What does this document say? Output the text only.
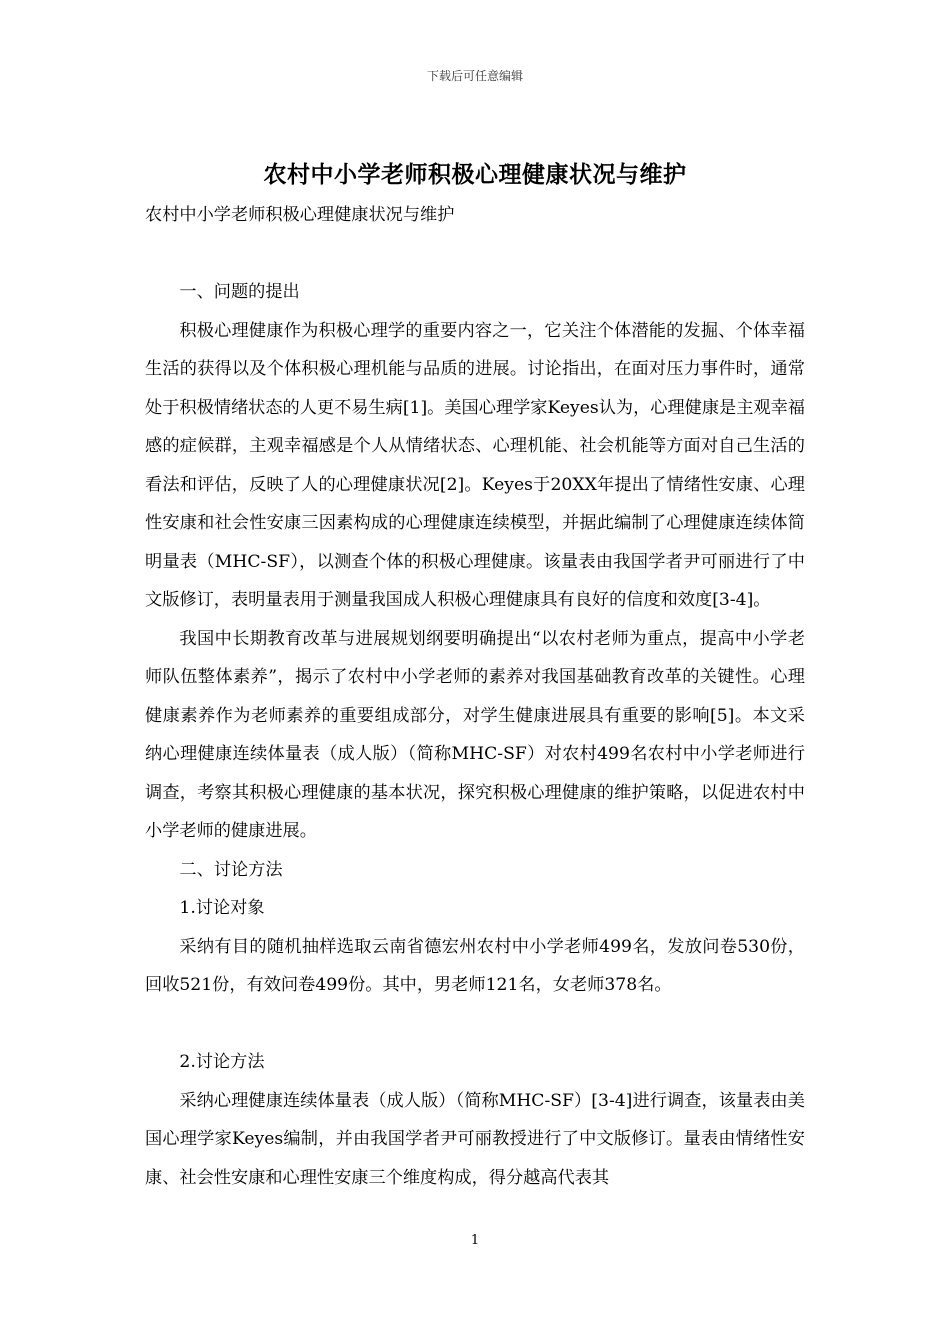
下载后可任意编辑
农村中小学老师积极心理健康状况与维护

农村中小学老师积极心理健康状况与维护

一、问题的提出

积极心理健康作为积极心理学的重要内容之一，它关注个体潜能的发掘、个体幸福生活的获得以及个体积极心理机能与品质的进展。讨论指出，在面对压力事件时，通常处于积极情绪状态的人更不易生病[1]。美国心理学家Keyes认为，心理健康是主观幸福感的症候群，主观幸福感是个人从情绪状态、心理机能、社会机能等方面对自己生活的看法和评估，反映了人的心理健康状况[2]。Keyes于20XX年提出了情绪性安康、心理性安康和社会性安康三因素构成的心理健康连续模型，并据此编制了心理健康连续体简明量表（MHC-SF），以测查个体的积极心理健康。该量表由我国学者尹可丽进行了中文版修订，表明量表用于测量我国成人积极心理健康具有良好的信度和效度[3-4]。

我国中长期教育改革与进展规划纲要明确提出“以农村老师为重点，提高中小学老师队伍整体素养”，揭示了农村中小学老师的素养对我国基础教育改革的关键性。心理健康素养作为老师素养的重要组成部分，对学生健康进展具有重要的影响[5]。本文采纳心理健康连续体量表（成人版）（简称MHC-SF）对农村499名农村中小学老师进行调查，考察其积极心理健康的基本状况，探究积极心理健康的维护策略，以促进农村中小学老师的健康进展。

二、讨论方法

1.讨论对象

采纳有目的随机抽样选取云南省德宏州农村中小学老师499名，发放问卷530份，回收521份，有效问卷499份。其中，男老师121名，女老师378名。

2.讨论方法

采纳心理健康连续体量表（成人版）（简称MHC-SF）[3-4]进行调查，该量表由美国心理学家Keyes编制，并由我国学者尹可丽教授进行了中文版修订。量表由情绪性安康、社会性安康和心理性安康三个维度构成，得分越高代表其

1
